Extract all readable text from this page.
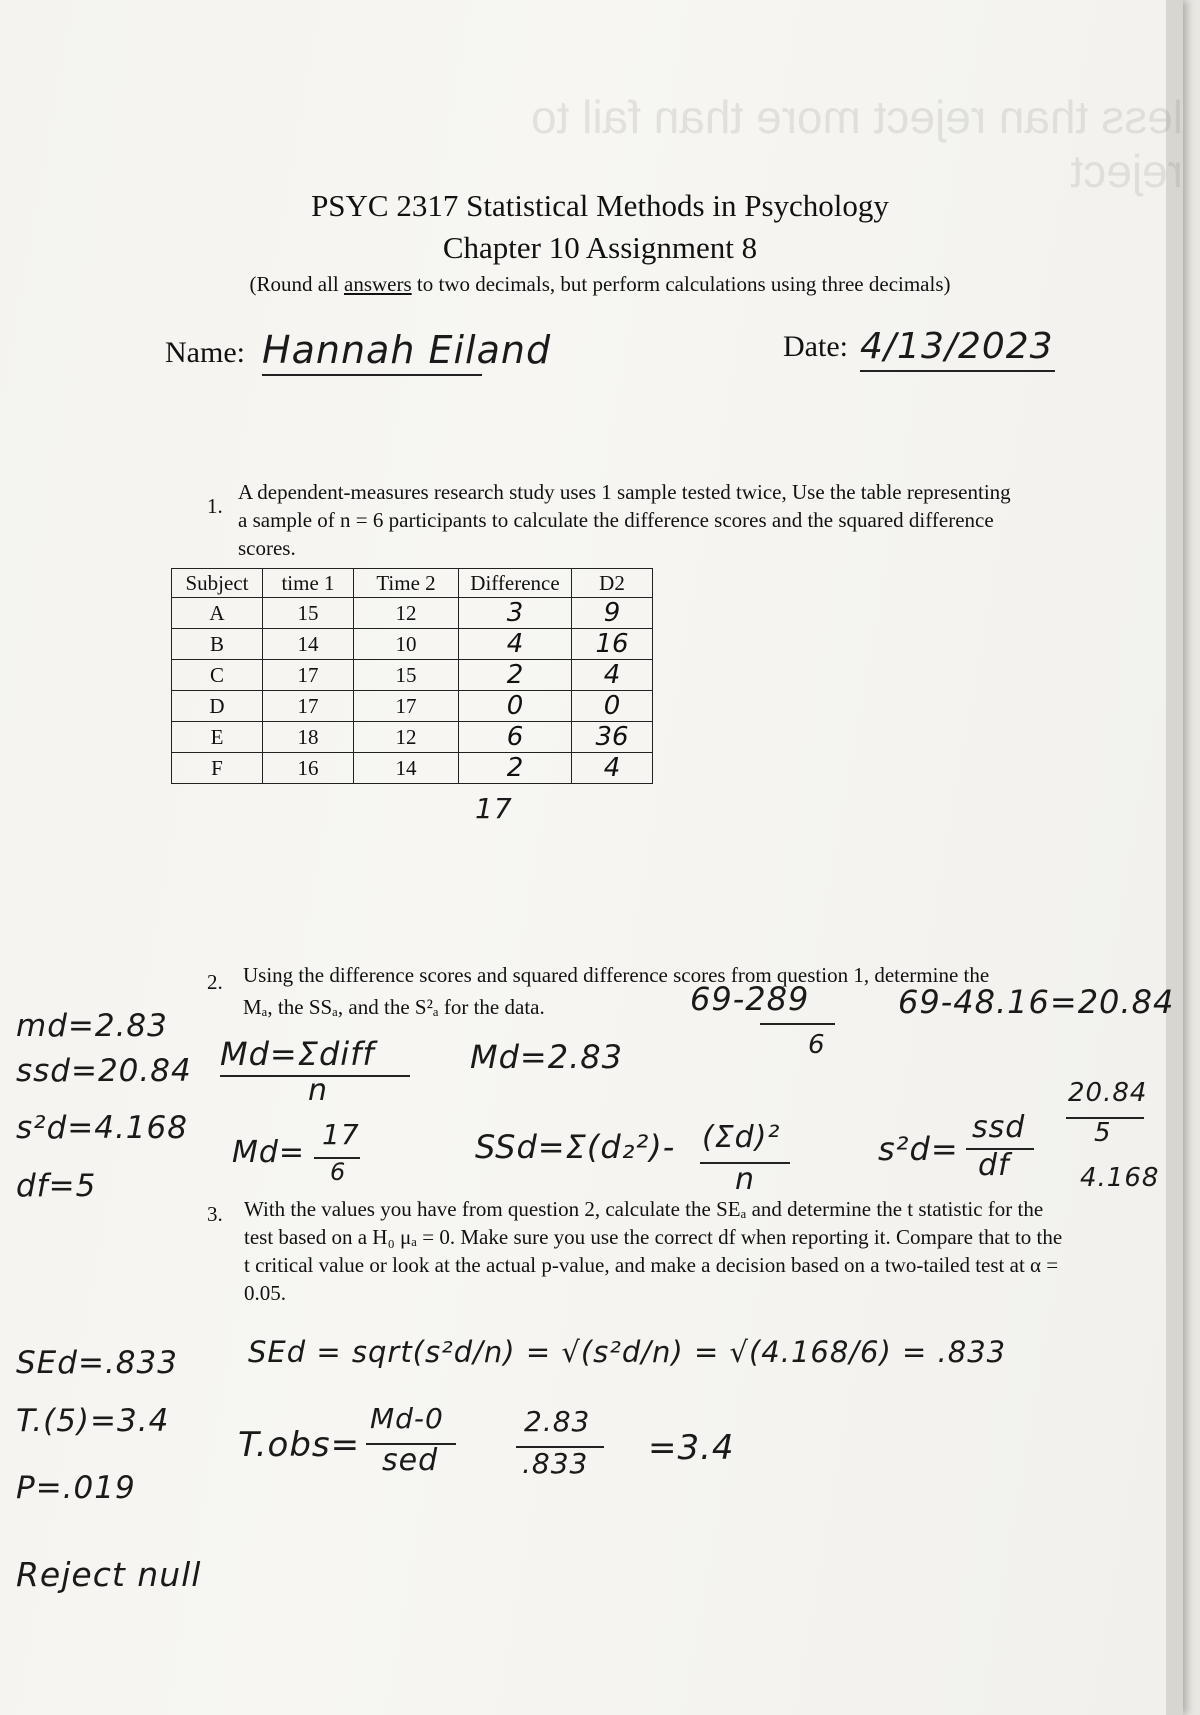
less than reject more than fail to reject
PSYC 2317 Statistical Methods in Psychology
Chapter 10 Assignment 8
(Round all answers to two decimals, but perform calculations using three decimals)
Name: Hannah Eiland	Date: 4/13/2023
1.
A dependent-measures research study uses 1 sample tested twice, Use the table representing a sample of n = 6 participants to calculate the difference scores and the squared difference scores.
Subject	time 1	Time 2	Difference	D2
A	15	12	3	9
B	14	10	4	16
C	17	15	2	4
D	17	17	0	0
E	18	12	6	36
F	16	14	2	4
17
2. Using the difference scores and squared difference scores from question 1, determine the
Mₐ, the SSₐ, and the S²ₐ for the data.
Md=Σdiff
n
Md=2.83
Md=
17
6
SSd=Σ(d₂²)- (Σd)²
n
69-289
6
69-48.16=20.84
s²d=
ssd
df
20.84
5
4.168
3. With the values you have from question 2, calculate the SEₐ and determine the t statistic for the test based on a H₀ μₐ = 0. Make sure you use the correct df when reporting it. Compare that to the t critical value or look at the actual p-value, and make a decision based on a two-tailed test at α = 0.05.
SEd = sqrt(s²d/n) = √(s²d/n) = √(4.168/6) = .833
T.obs=
Md-0
sed
2.83
.833 =3.4
md=2.83
ssd=20.84
s²d=4.168
df=5
SEd=.833
T.(5)=3.4
P=.019
Reject null
